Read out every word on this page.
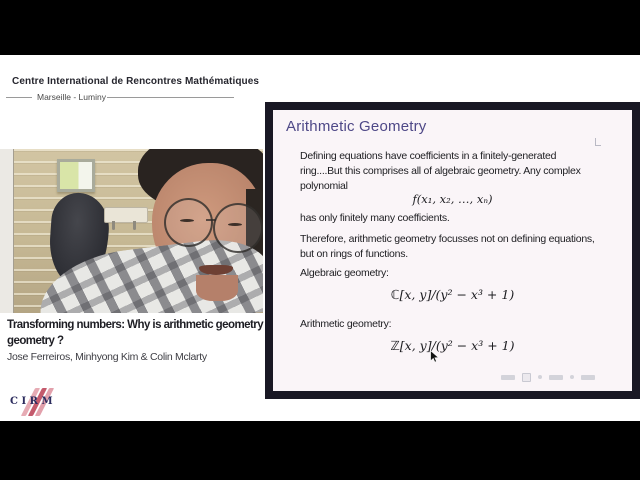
Centre International de Rencontres Mathématiques
Marseille - Luminy
Transforming numbers: Why is arithmetic geometry
geometry ?
Jose Ferreiros, Minhyong Kim & Colin Mclarty
CIRM
Arithmetic Geometry
Defining equations have coefficients in a finitely-generated
ring....But this comprises all of algebraic geometry. Any complex
polynomial
f(x₁, x₂, …, xₙ)
has only finitely many coefficients.
Therefore, arithmetic geometry focusses not on defining equations,
but on rings of functions.
Algebraic geometry:
ℂ[x, y]/(y² − x³ + 1)
Arithmetic geometry:
ℤ[x, y]/(y² − x³ + 1)
